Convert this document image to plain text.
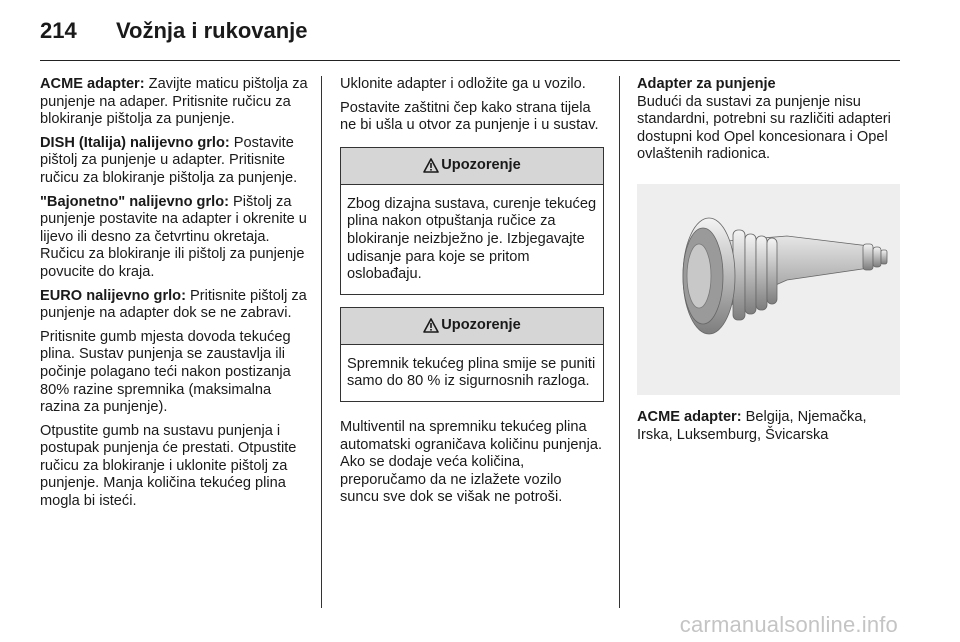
214	Vožnja i rukovanje

ACME adapter: Zavijte maticu pištolja za punjenje na adaper. Pritisnite ručicu za blokiranje pištolja za punjenje.

DISH (Italija) nalijevno grlo: Postavite pištolj za punjenje u adapter. Pritisnite ručicu za blokiranje pištolja za punjenje.

"Bajonetno" nalijevno grlo: Pištolj za punjenje postavite na adapter i okrenite u lijevo ili desno za četvrtinu okretaja. Ručicu za blokiranje ili pištolj za punjenje povucite do kraja.

EURO nalijevno grlo: Pritisnite pištolj za punjenje na adapter dok se ne zabravi.

Pritisnite gumb mjesta dovoda tekućeg plina. Sustav punjenja se zaustavlja ili počinje polagano teći nakon postizanja 80% razine spremnika (maksimalna razina za punjenje).

Otpustite gumb na sustavu punjenja i postupak punjenja će prestati. Otpustite ručicu za blokiranje i uklonite pištolj za punjenje. Manja količina tekućeg plina mogla bi isteći.

Uklonite adapter i odložite ga u vozilo.

Postavite zaštitni čep kako strana tijela ne bi ušla u otvor za punjenje i u sustav.

Upozorenje
Zbog dizajna sustava, curenje tekućeg plina nakon otpuštanja ručice za blokiranje neizbježno je. Izbjegavajte udisanje para koje se pritom oslobađaju.
Upozorenje
Spremnik tekućeg plina smije se puniti samo do 80 % iz sigurnosnih razloga.

Multiventil na spremniku tekućeg plina automatski ograničava količinu punjenja. Ako se dodaje veća količina, preporučamo da ne izlažete vozilo suncu sve dok se višak ne potroši.

Adapter za punjenje

Budući da sustavi za punjenje nisu standardni, potrebni su različiti adapteri dostupni kod Opel koncesionara i Opel ovlaštenih radionica.

ACME adapter: Belgija, Njemačka, Irska, Luksemburg, Švicarska

carmanualsonline.info
